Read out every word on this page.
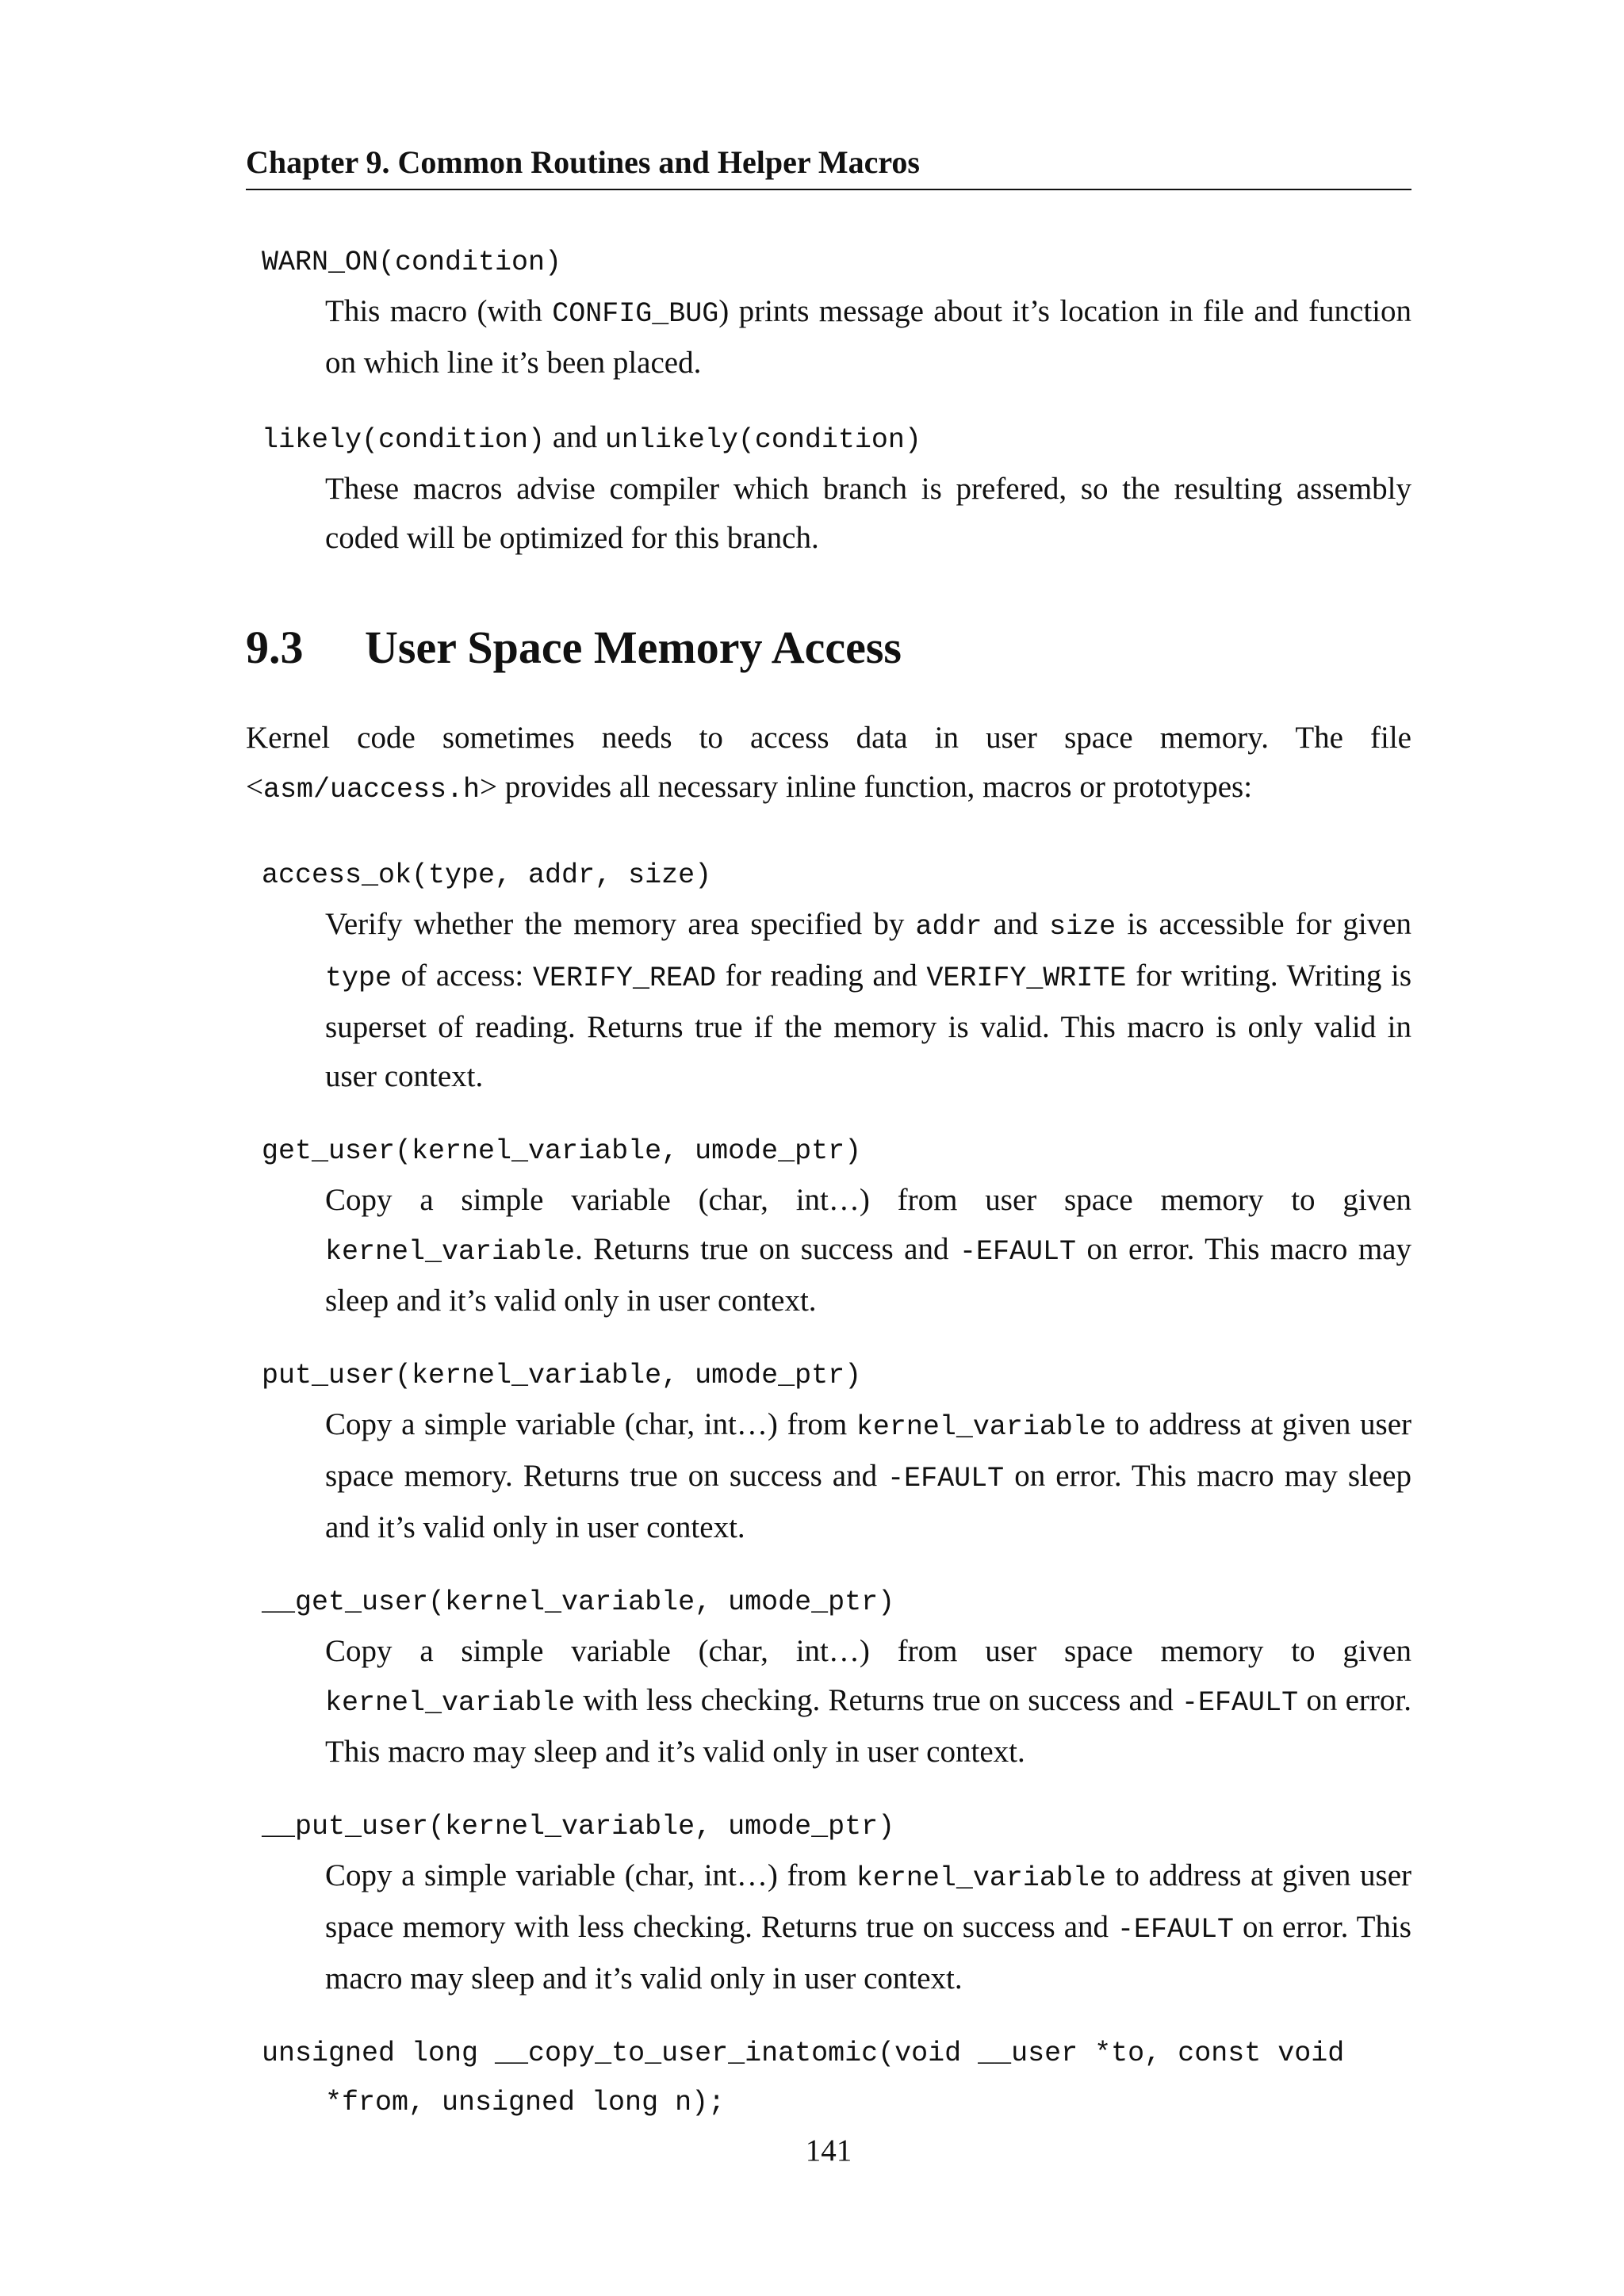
Chapter 9. Common Routines and Helper Macros
WARN_ON(condition)
This macro (with CONFIG_BUG) prints message about it’s location in file and function on which line it’s been placed.
likely(condition) and unlikely(condition)
These macros advise compiler which branch is prefered, so the resulting assembly coded will be optimized for this branch.
9.3 User Space Memory Access
Kernel code sometimes needs to access data in user space memory. The file <asm/uaccess.h> provides all necessary inline function, macros or prototypes:
access_ok(type, addr, size)
Verify whether the memory area specified by addr and size is accessible for given type of access: VERIFY_READ for reading and VERIFY_WRITE for writing. Writing is superset of reading. Returns true if the memory is valid. This macro is only valid in user context.
get_user(kernel_variable, umode_ptr)
Copy a simple variable (char, int…) from user space memory to given kernel_variable. Returns true on success and -EFAULT on error. This macro may sleep and it’s valid only in user context.
put_user(kernel_variable, umode_ptr)
Copy a simple variable (char, int…) from kernel_variable to address at given user space memory. Returns true on success and -EFAULT on error. This macro may sleep and it’s valid only in user context.
__get_user(kernel_variable, umode_ptr)
Copy a simple variable (char, int…) from user space memory to given kernel_variable with less checking. Returns true on success and -EFAULT on error. This macro may sleep and it’s valid only in user context.
__put_user(kernel_variable, umode_ptr)
Copy a simple variable (char, int…) from kernel_variable to address at given user space memory with less checking. Returns true on success and -EFAULT on error. This macro may sleep and it’s valid only in user context.
unsigned long __copy_to_user_inatomic(void __user *to, const void
*from, unsigned long n);
141
